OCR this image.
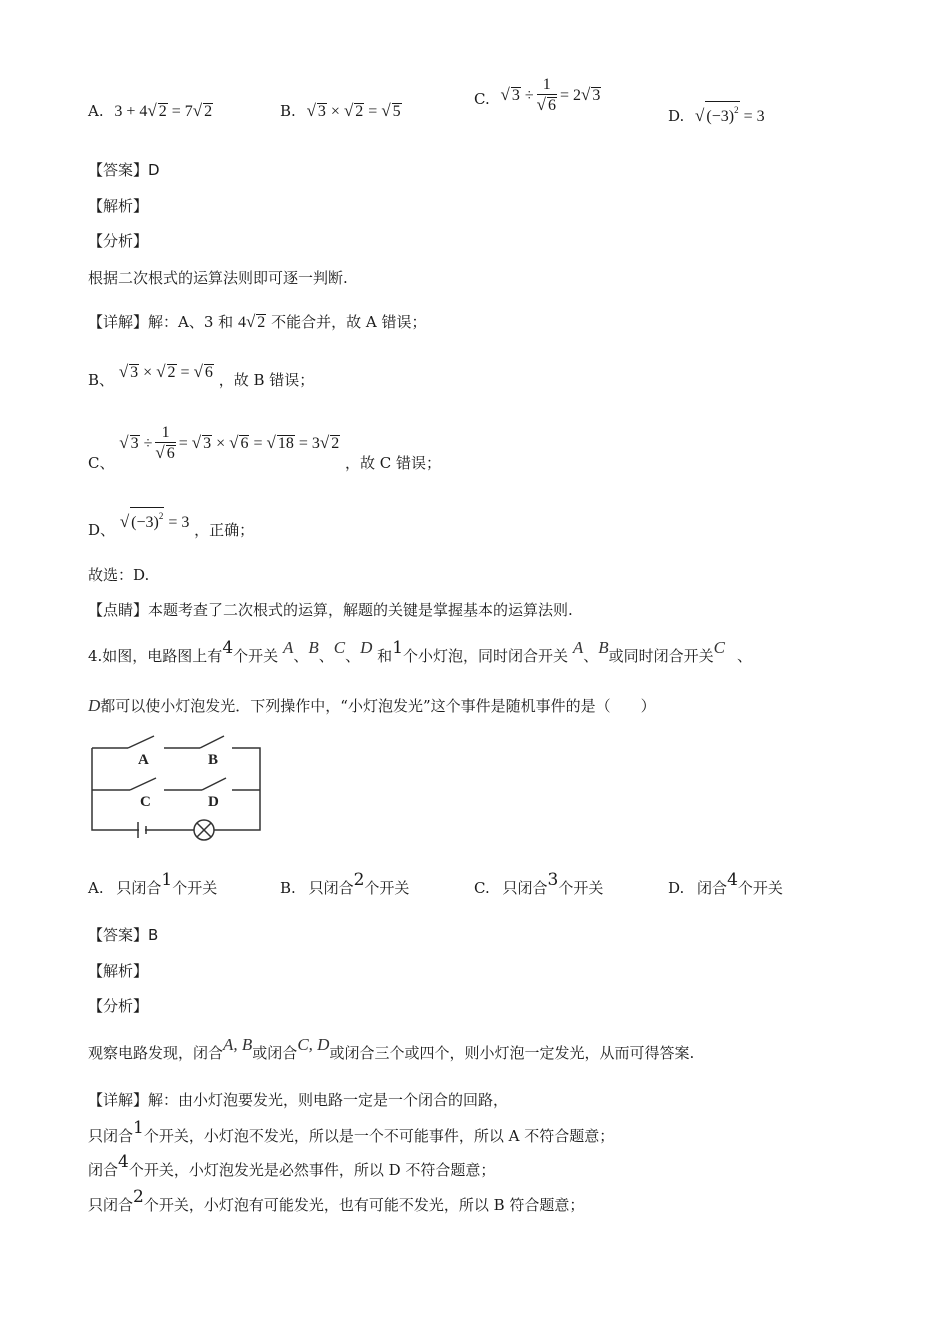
A. 3 + 4√ 2 = 7√ 2	B. √ 3 × √ 2 = √ 5
C. √ $3 \div \frac{1}{√ 6} = 2√$ 3
D. √ $(-3)^2 = 3$
【答案】D
【解析】
【分析】
根据二次根式的运算法则即可逐一判断.
【详解】解：A、3 和 4√ 2 不能合并，故 A 错误；
B、 √ 3 × √ 2 = √ 6 ，故 B 错误；
C、 √ $3 \div \frac{1}{√ 6}$ = √ 3 × √ 6 = √ 18 = 3√ 2 ，故 C 错误；
D、 √ $(-3)^2 = 3$ ，正确；
故选：D.
【点睛】本题考查了二次根式的运算，解题的关键是掌握基本的运算法则.
4.如图，电路图上有4个开关 A、B、C、D 和1个小灯泡，同时闭合开关 A、B或同时闭合开关C 、
D都可以使小灯泡发光．下列操作中，“小灯泡发光”这个事件是随机事件的是（　　）
A	B
C	D
A. 只闭合1个开关	B. 只闭合2个开关	C. 只闭合3个开关	D. 闭合4个开关
【答案】B
【解析】
【分析】
观察电路发现，闭合A, B或闭合C, D或闭合三个或四个，则小灯泡一定发光，从而可得答案.
【详解】解：由小灯泡要发光，则电路一定是一个闭合的回路，
只闭合1个开关，小灯泡不发光，所以是一个不可能事件，所以 A 不符合题意；
闭合4个开关，小灯泡发光是必然事件，所以 D 不符合题意；
只闭合2个开关，小灯泡有可能发光，也有可能不发光，所以 B 符合题意；
